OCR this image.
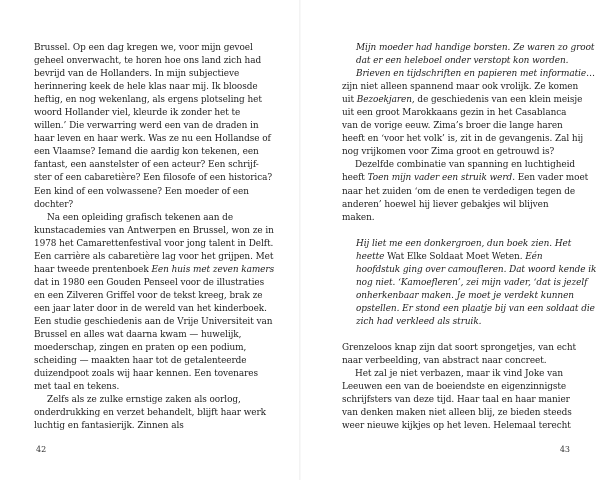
Brussel. Op een dag kregen we, voor mijn gevoel
geheel onverwacht, te horen hoe ons land zich had
bevrijd van de Hollanders. In mijn subjectieve
herinnering keek de hele klas naar mij. Ik bloosde
heftig, en nog wekenlang, als ergens plotseling het
woord Hollander viel, kleurde ik zonder het te
willen.’ Die verwarring werd een van de draden in
haar leven en haar werk. Was ze nu een Hollandse of
een Vlaamse? Iemand die aardig kon tekenen, een
fantast, een aanstelster of een acteur? Een schrijf-
ster of een cabaretière? Een filosofe of een historica?
Een kind of een volwassene? Een moeder of een
dochter?
Na een opleiding grafisch tekenen aan de
kunstacademies van Antwerpen en Brussel, won ze in
1978 het Camarettenfestival voor jong talent in Delft.
Een carrière als cabaretière lag voor het grijpen. Met
haar tweede prentenboek Een huis met zeven kamers
dat in 1980 een Gouden Penseel voor de illustraties
en een Zilveren Griffel voor de tekst kreeg, brak ze
een jaar later door in de wereld van het kinderboek.
Een studie geschiedenis aan de Vrije Universiteit van
Brussel en alles wat daarna kwam — huwelijk,
moederschap, zingen en praten op een podium,
scheiding — maakten haar tot de getalenteerde
duizendpoot zoals wij haar kennen. Een tovenares
met taal en tekens.
Zelfs als ze zulke ernstige zaken als oorlog,
onderdrukking en verzet behandelt, blijft haar werk
luchtig en fantasierijk. Zinnen als
42
Mijn moeder had handige borsten. Ze waren zo groot
dat er een heleboel onder verstopt kon worden.
Brieven en tijdschriften en papieren met informatie…
zijn niet alleen spannend maar ook vrolijk. Ze komen
uit Bezoekjaren, de geschiedenis van een klein meisje
uit een groot Marokkaans gezin in het Casablanca
van de vorige eeuw. Zima’s broer die lange haren
heeft en ‘voor het volk’ is, zit in de gevangenis. Zal hij
nog vrijkomen voor Zima groot en getrouwd is?
Dezelfde combinatie van spanning en luchtigheid
heeft Toen mijn vader een struik werd. Een vader moet
naar het zuiden ‘om de enen te verdedigen tegen de
anderen’ hoewel hij liever gebakjes wil blijven
maken.
Hij liet me een donkergroen, dun boek zien. Het
heette Wat Elke Soldaat Moet Weten. Eén
hoofdstuk ging over camoufleren. Dat woord kende ik
nog niet. ‘Kamoefleren’, zei mijn vader, ‘dat is jezelf
onherkenbaar maken. Je moet je verdekt kunnen
opstellen. Er stond een plaatje bij van een soldaat die
zich had verkleed als struik.
Grenzeloos knap zijn dat soort sprongetjes, van echt
naar verbeelding, van abstract naar concreet.
Het zal je niet verbazen, maar ik vind Joke van
Leeuwen een van de boeiendste en eigenzinnigste
schrijfsters van deze tijd. Haar taal en haar manier
van denken maken niet alleen blij, ze bieden steeds
weer nieuwe kijkjes op het leven. Helemaal terecht
43
